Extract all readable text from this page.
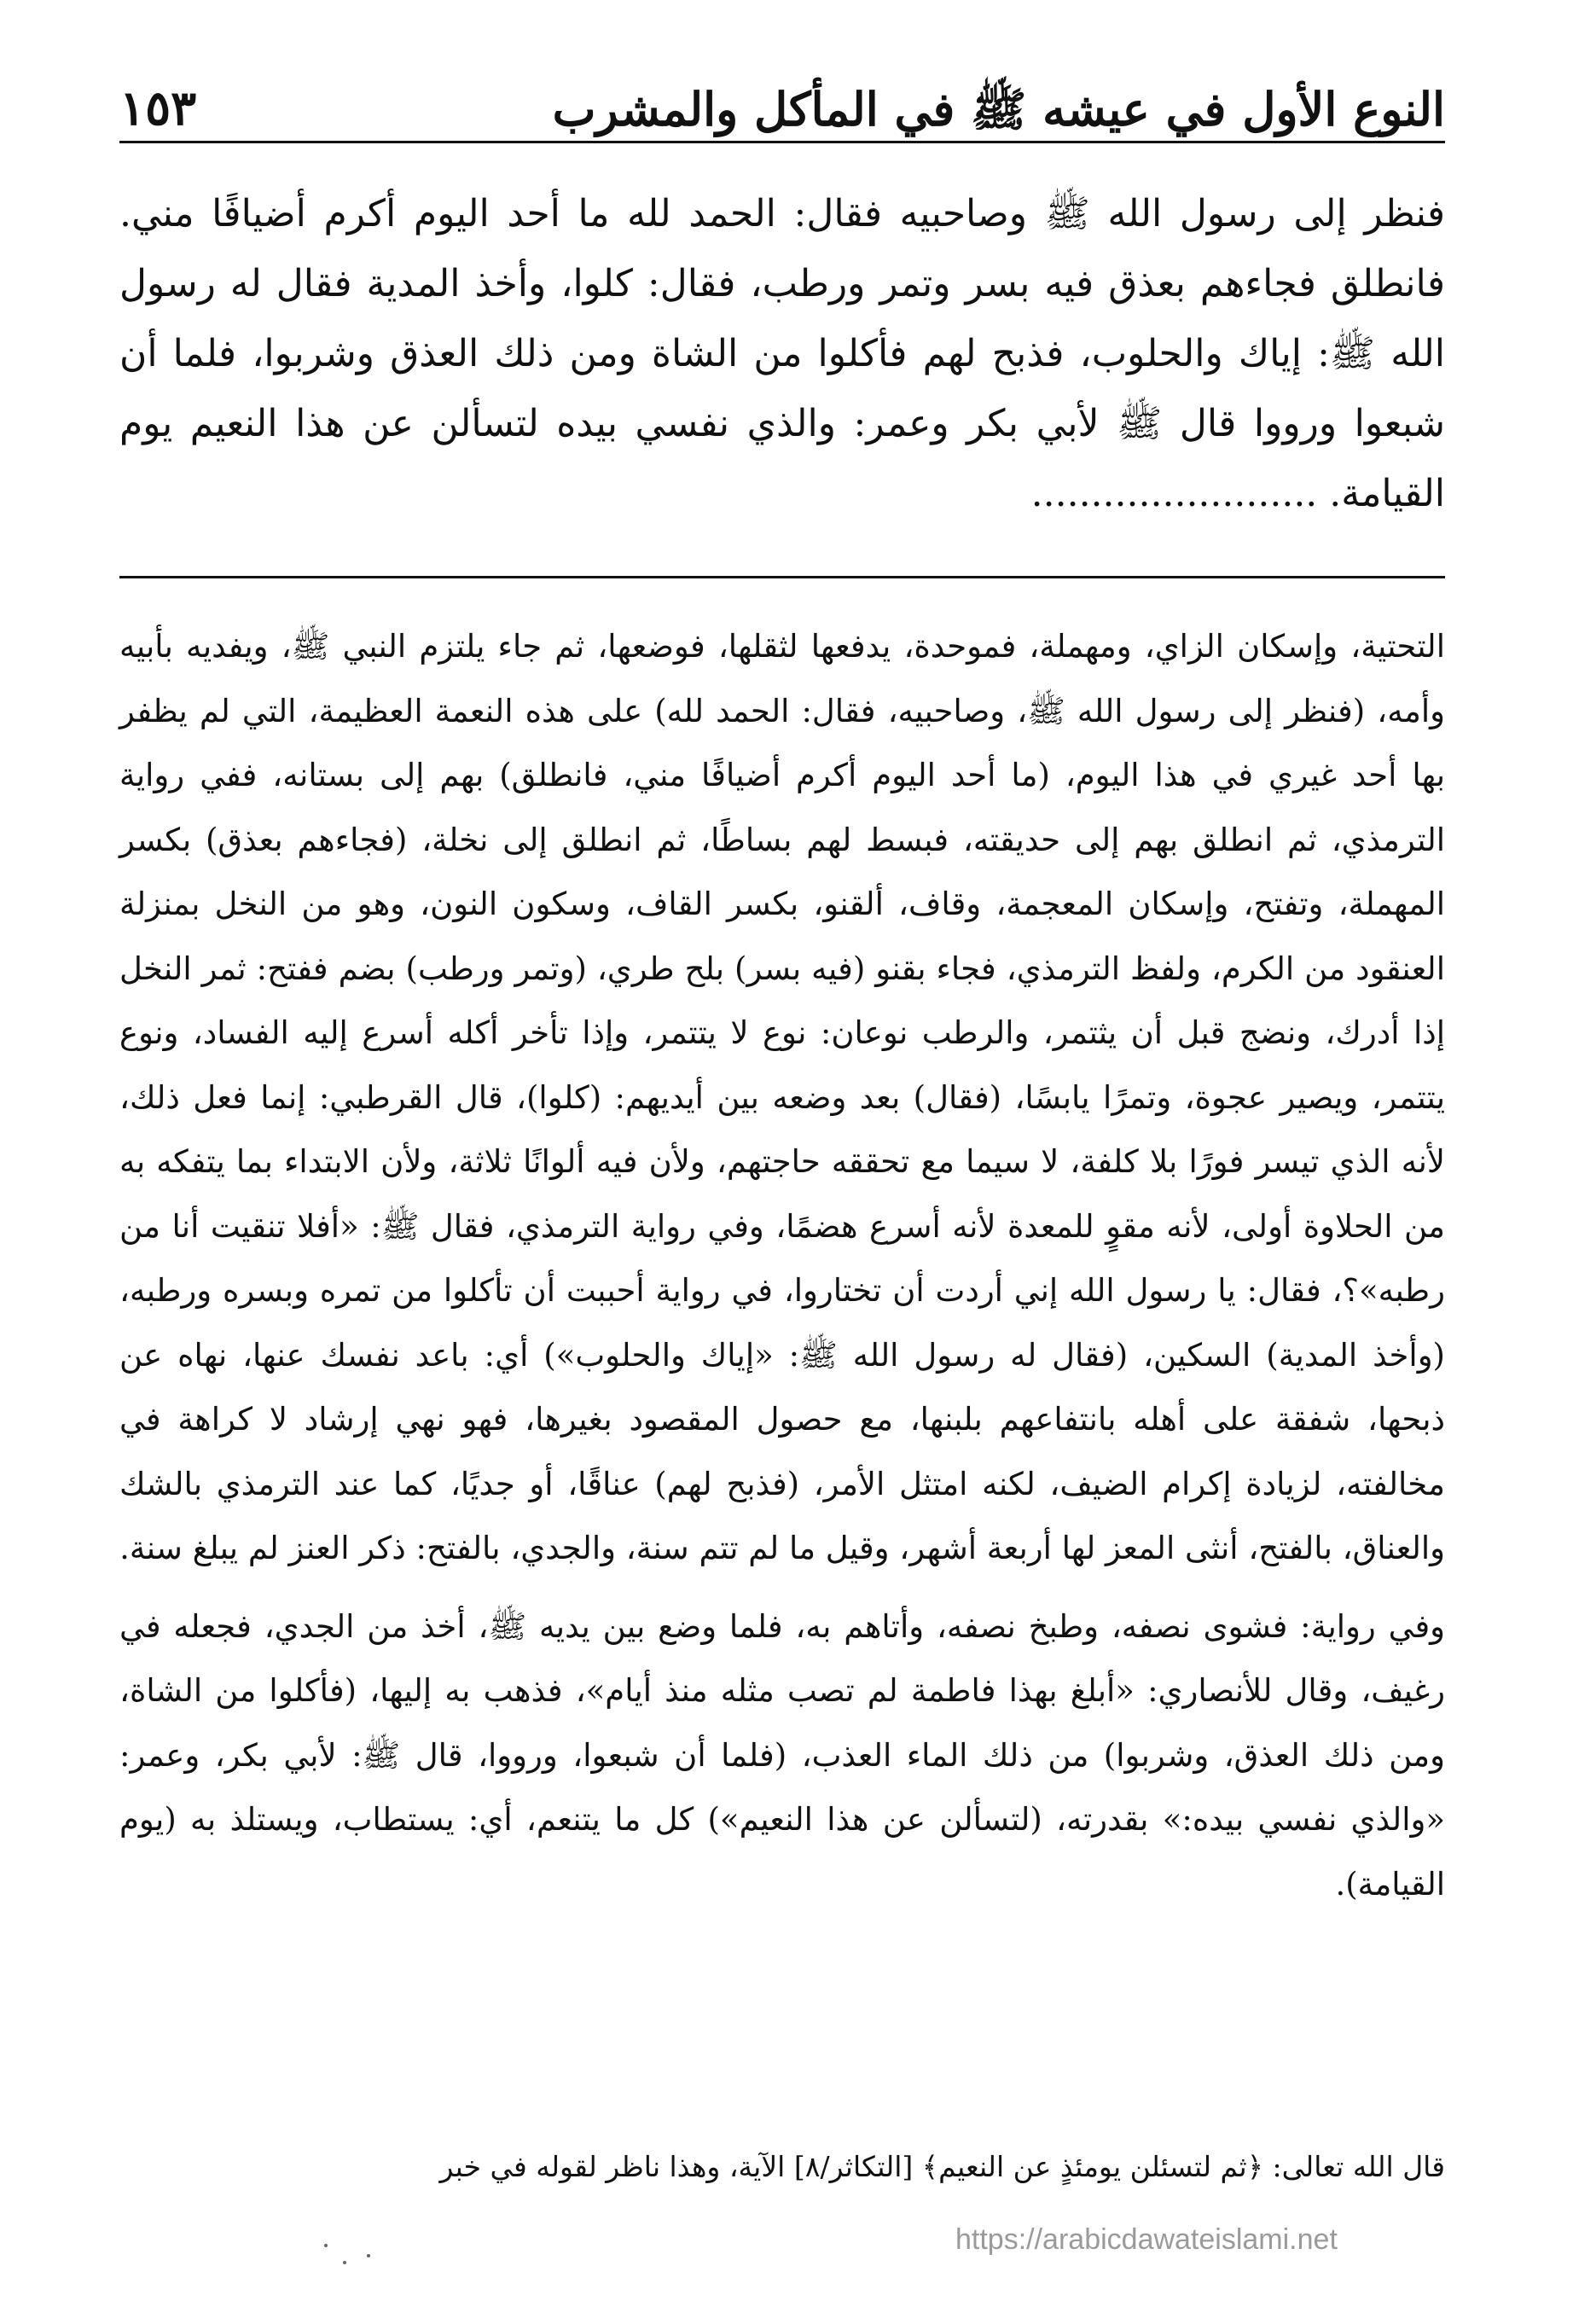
النوع الأول في عيشه ﷺ في المأكل والمشرب
١٥٣

فنظر إلى رسول الله ﷺ وصاحبيه فقال: الحمد لله ما أحد اليوم أكرم أضيافًا مني. فانطلق فجاءهم بعذق فيه بسر وتمر ورطب، فقال: كلوا، وأخذ المدية فقال له رسول الله ﷺ: إياك والحلوب، فذبح لهم فأكلوا من الشاة ومن ذلك العذق وشربوا، فلما أن شبعوا ورووا قال ﷺ لأبي بكر وعمر: والذي نفسي بيده لتسألن عن هذا النعيم يوم القيامة. ........................

التحتية، وإسكان الزاي، ومهملة، فموحدة، يدفعها لثقلها، فوضعها، ثم جاء يلتزم النبي ﷺ، ويفديه بأبيه وأمه، (فنظر إلى رسول الله ﷺ، وصاحبيه، فقال: الحمد لله) على هذه النعمة العظيمة، التي لم يظفر بها أحد غيري في هذا اليوم، (ما أحد اليوم أكرم أضيافًا مني، فانطلق) بهم إلى بستانه، ففي رواية الترمذي، ثم انطلق بهم إلى حديقته، فبسط لهم بساطًا، ثم انطلق إلى نخلة، (فجاءهم بعذق) بكسر المهملة، وتفتح، وإسكان المعجمة، وقاف، ألقنو، بكسر القاف، وسكون النون، وهو من النخل بمنزلة العنقود من الكرم، ولفظ الترمذي، فجاء بقنو (فيه بسر) بلح طري، (وتمر ورطب) بضم ففتح: ثمر النخل إذا أدرك، ونضج قبل أن يثتمر، والرطب نوعان: نوع لا يتتمر، وإذا تأخر أكله أسرع إليه الفساد، ونوع يتتمر، ويصير عجوة، وتمرًا يابسًا، (فقال) بعد وضعه بين أيديهم: (كلوا)، قال القرطبي: إنما فعل ذلك، لأنه الذي تيسر فورًا بلا كلفة، لا سيما مع تحققه حاجتهم، ولأن فيه ألوانًا ثلاثة، ولأن الابتداء بما يتفكه به من الحلاوة أولى، لأنه مقوٍ للمعدة لأنه أسرع هضمًا، وفي رواية الترمذي، فقال ﷺ: «أفلا تنقيت أنا من رطبه»؟، فقال: يا رسول الله إني أردت أن تختاروا، في رواية أحببت أن تأكلوا من تمره وبسره ورطبه، (وأخذ المدية) السكين، (فقال له رسول الله ﷺ: «إياك والحلوب») أي: باعد نفسك عنها، نهاه عن ذبحها، شفقة على أهله بانتفاعهم بلبنها، مع حصول المقصود بغيرها، فهو نهي إرشاد لا كراهة في مخالفته، لزيادة إكرام الضيف، لكنه امتثل الأمر، (فذبح لهم) عناقًا، أو جديًا، كما عند الترمذي بالشك والعناق، بالفتح، أنثى المعز لها أربعة أشهر، وقيل ما لم تتم سنة، والجدي، بالفتح: ذكر العنز لم يبلغ سنة.

وفي رواية: فشوى نصفه، وطبخ نصفه، وأتاهم به، فلما وضع بين يديه ﷺ، أخذ من الجدي، فجعله في رغيف، وقال للأنصاري: «أبلغ بهذا فاطمة لم تصب مثله منذ أيام»، فذهب به إليها، (فأكلوا من الشاة، ومن ذلك العذق، وشربوا) من ذلك الماء العذب، (فلما أن شبعوا، ورووا، قال ﷺ: لأبي بكر، وعمر: «والذي نفسي بيده:» بقدرته، (لتسألن عن هذا النعيم») كل ما يتنعم، أي: يستطاب، ويستلذ به (يوم القيامة).

قال الله تعالى: ﴿ثم لتسئلن يومئذٍ عن النعيم﴾ [التكاثر/٨] الآية، وهذا ناظر لقوله في خبر
https://arabicdawateislami.net
